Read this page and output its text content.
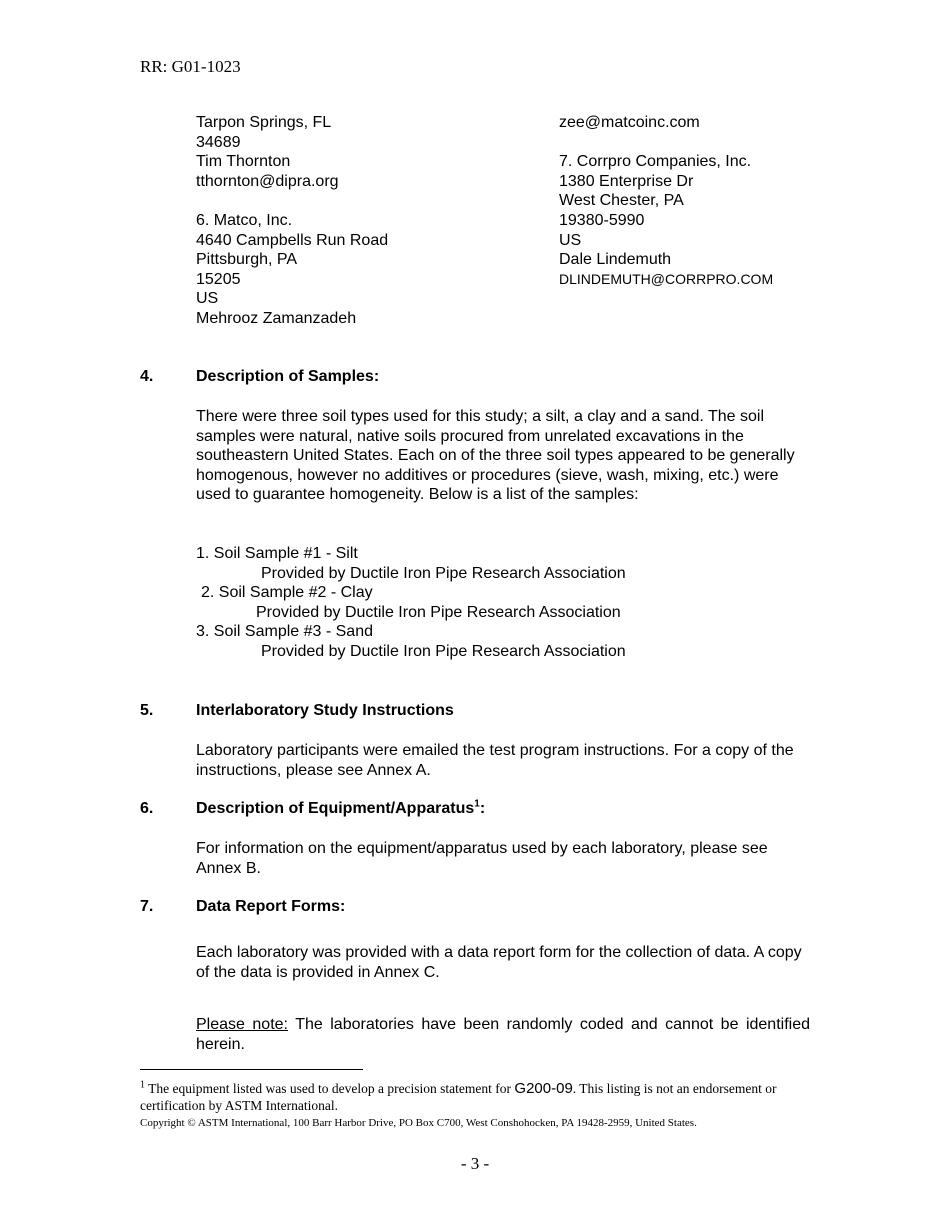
RR: G01-1023
Tarpon Springs, FL
34689
Tim Thornton
tthornton@dipra.org
6. Matco, Inc.
4640 Campbells Run Road
Pittsburgh, PA
15205
US
Mehrooz Zamanzadeh
zee@matcoinc.com
7. Corrpro Companies, Inc.
1380 Enterprise Dr
West Chester, PA
19380-5990
US
Dale Lindemuth
DLINDEMUTH@CORRPRO.COM
4.	Description of Samples:
There were three soil types used for this study; a silt, a clay and a sand. The soil samples were natural, native soils procured from unrelated excavations in the southeastern United States. Each on of the three soil types appeared to be generally homogenous, however no additives or procedures (sieve, wash, mixing, etc.) were used to guarantee homogeneity. Below is a list of the samples:
1. Soil Sample #1 - Silt
Provided by Ductile Iron Pipe Research Association
2. Soil Sample #2 - Clay
Provided by Ductile Iron Pipe Research Association
3. Soil Sample #3 - Sand
Provided by Ductile Iron Pipe Research Association
5.	Interlaboratory Study Instructions
Laboratory participants were emailed the test program instructions. For a copy of the instructions, please see Annex A.
6.	Description of Equipment/Apparatus$^1$:
For information on the equipment/apparatus used by each laboratory, please see Annex B.
7.	Data Report Forms:
Each laboratory was provided with a data report form for the collection of data. A copy of the data is provided in Annex C.
Please note: The laboratories have been randomly coded and cannot be identified herein.
$^1$ The equipment listed was used to develop a precision statement for G200-09. This listing is not an endorsement or certification by ASTM International.
Copyright © ASTM International, 100 Barr Harbor Drive, PO Box C700, West Conshohocken, PA 19428-2959, United States.
- 3 -
